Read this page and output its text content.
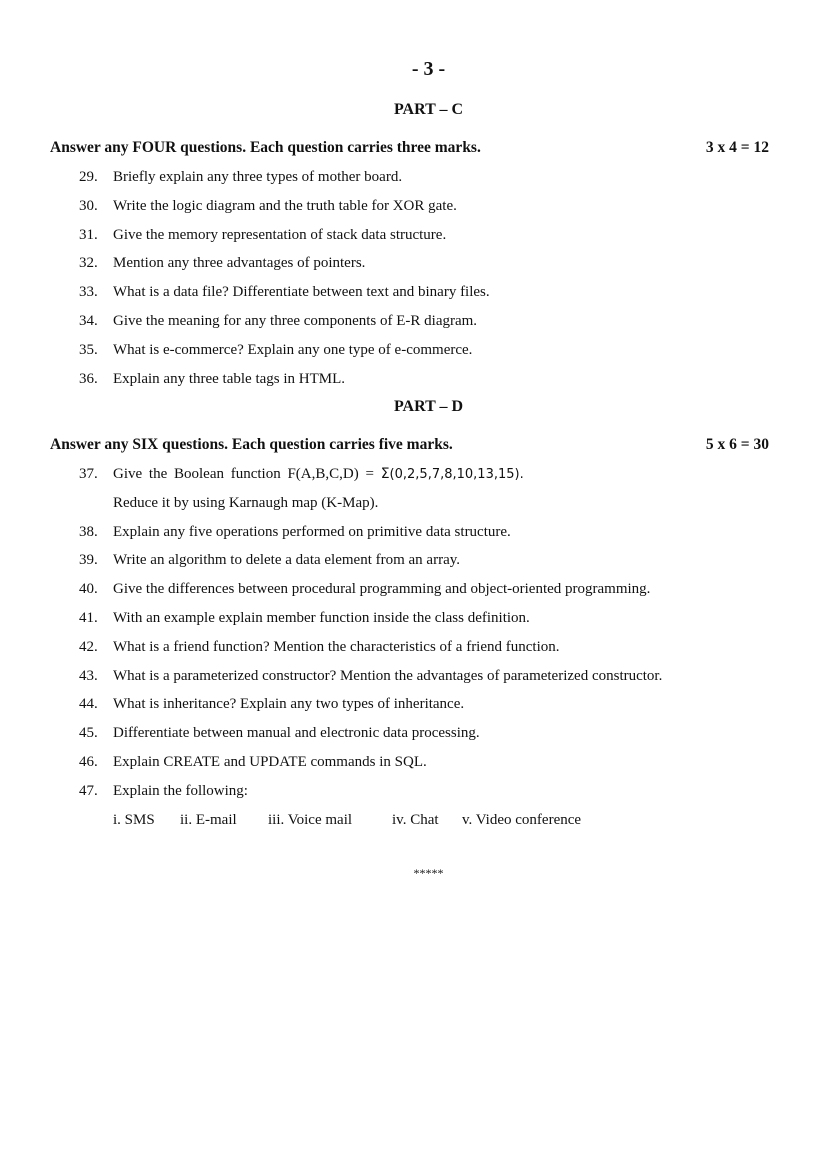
- 3 -
PART – C
Answer any FOUR questions. Each question carries three marks.	3 x 4 = 12
29.	Briefly explain any three types of mother board.
30.	Write the logic diagram and the truth table for XOR gate.
31.	Give the memory representation of stack data structure.
32.	Mention any three advantages of pointers.
33.	What is a data file? Differentiate between text and binary files.
34.	Give the meaning for any three components of E-R diagram.
35.	What is e-commerce? Explain any one type of e-commerce.
36.	Explain any three table tags in HTML.
PART – D
Answer any SIX questions. Each question carries five marks.	5 x 6 = 30
37.	Give the Boolean function F(A,B,C,D) = Σ(0,2,5,7,8,10,13,15).
Reduce it by using Karnaugh map (K-Map).
38.	Explain any five operations performed on primitive data structure.
39.	Write an algorithm to delete a data element from an array.
40.	Give the differences between procedural programming and object-oriented programming.
41.	With an example explain member function inside the class definition.
42.	What is a friend function? Mention the characteristics of a friend function.
43.	What is a parameterized constructor? Mention the advantages of parameterized constructor.
44.	What is inheritance? Explain any two types of inheritance.
45.	Differentiate between manual and electronic data processing.
46.	Explain CREATE and UPDATE commands in SQL.
47.	Explain the following:
i. SMS ii. E-mail iii. Voice mail	iv. Chat v. Video conference
*****
